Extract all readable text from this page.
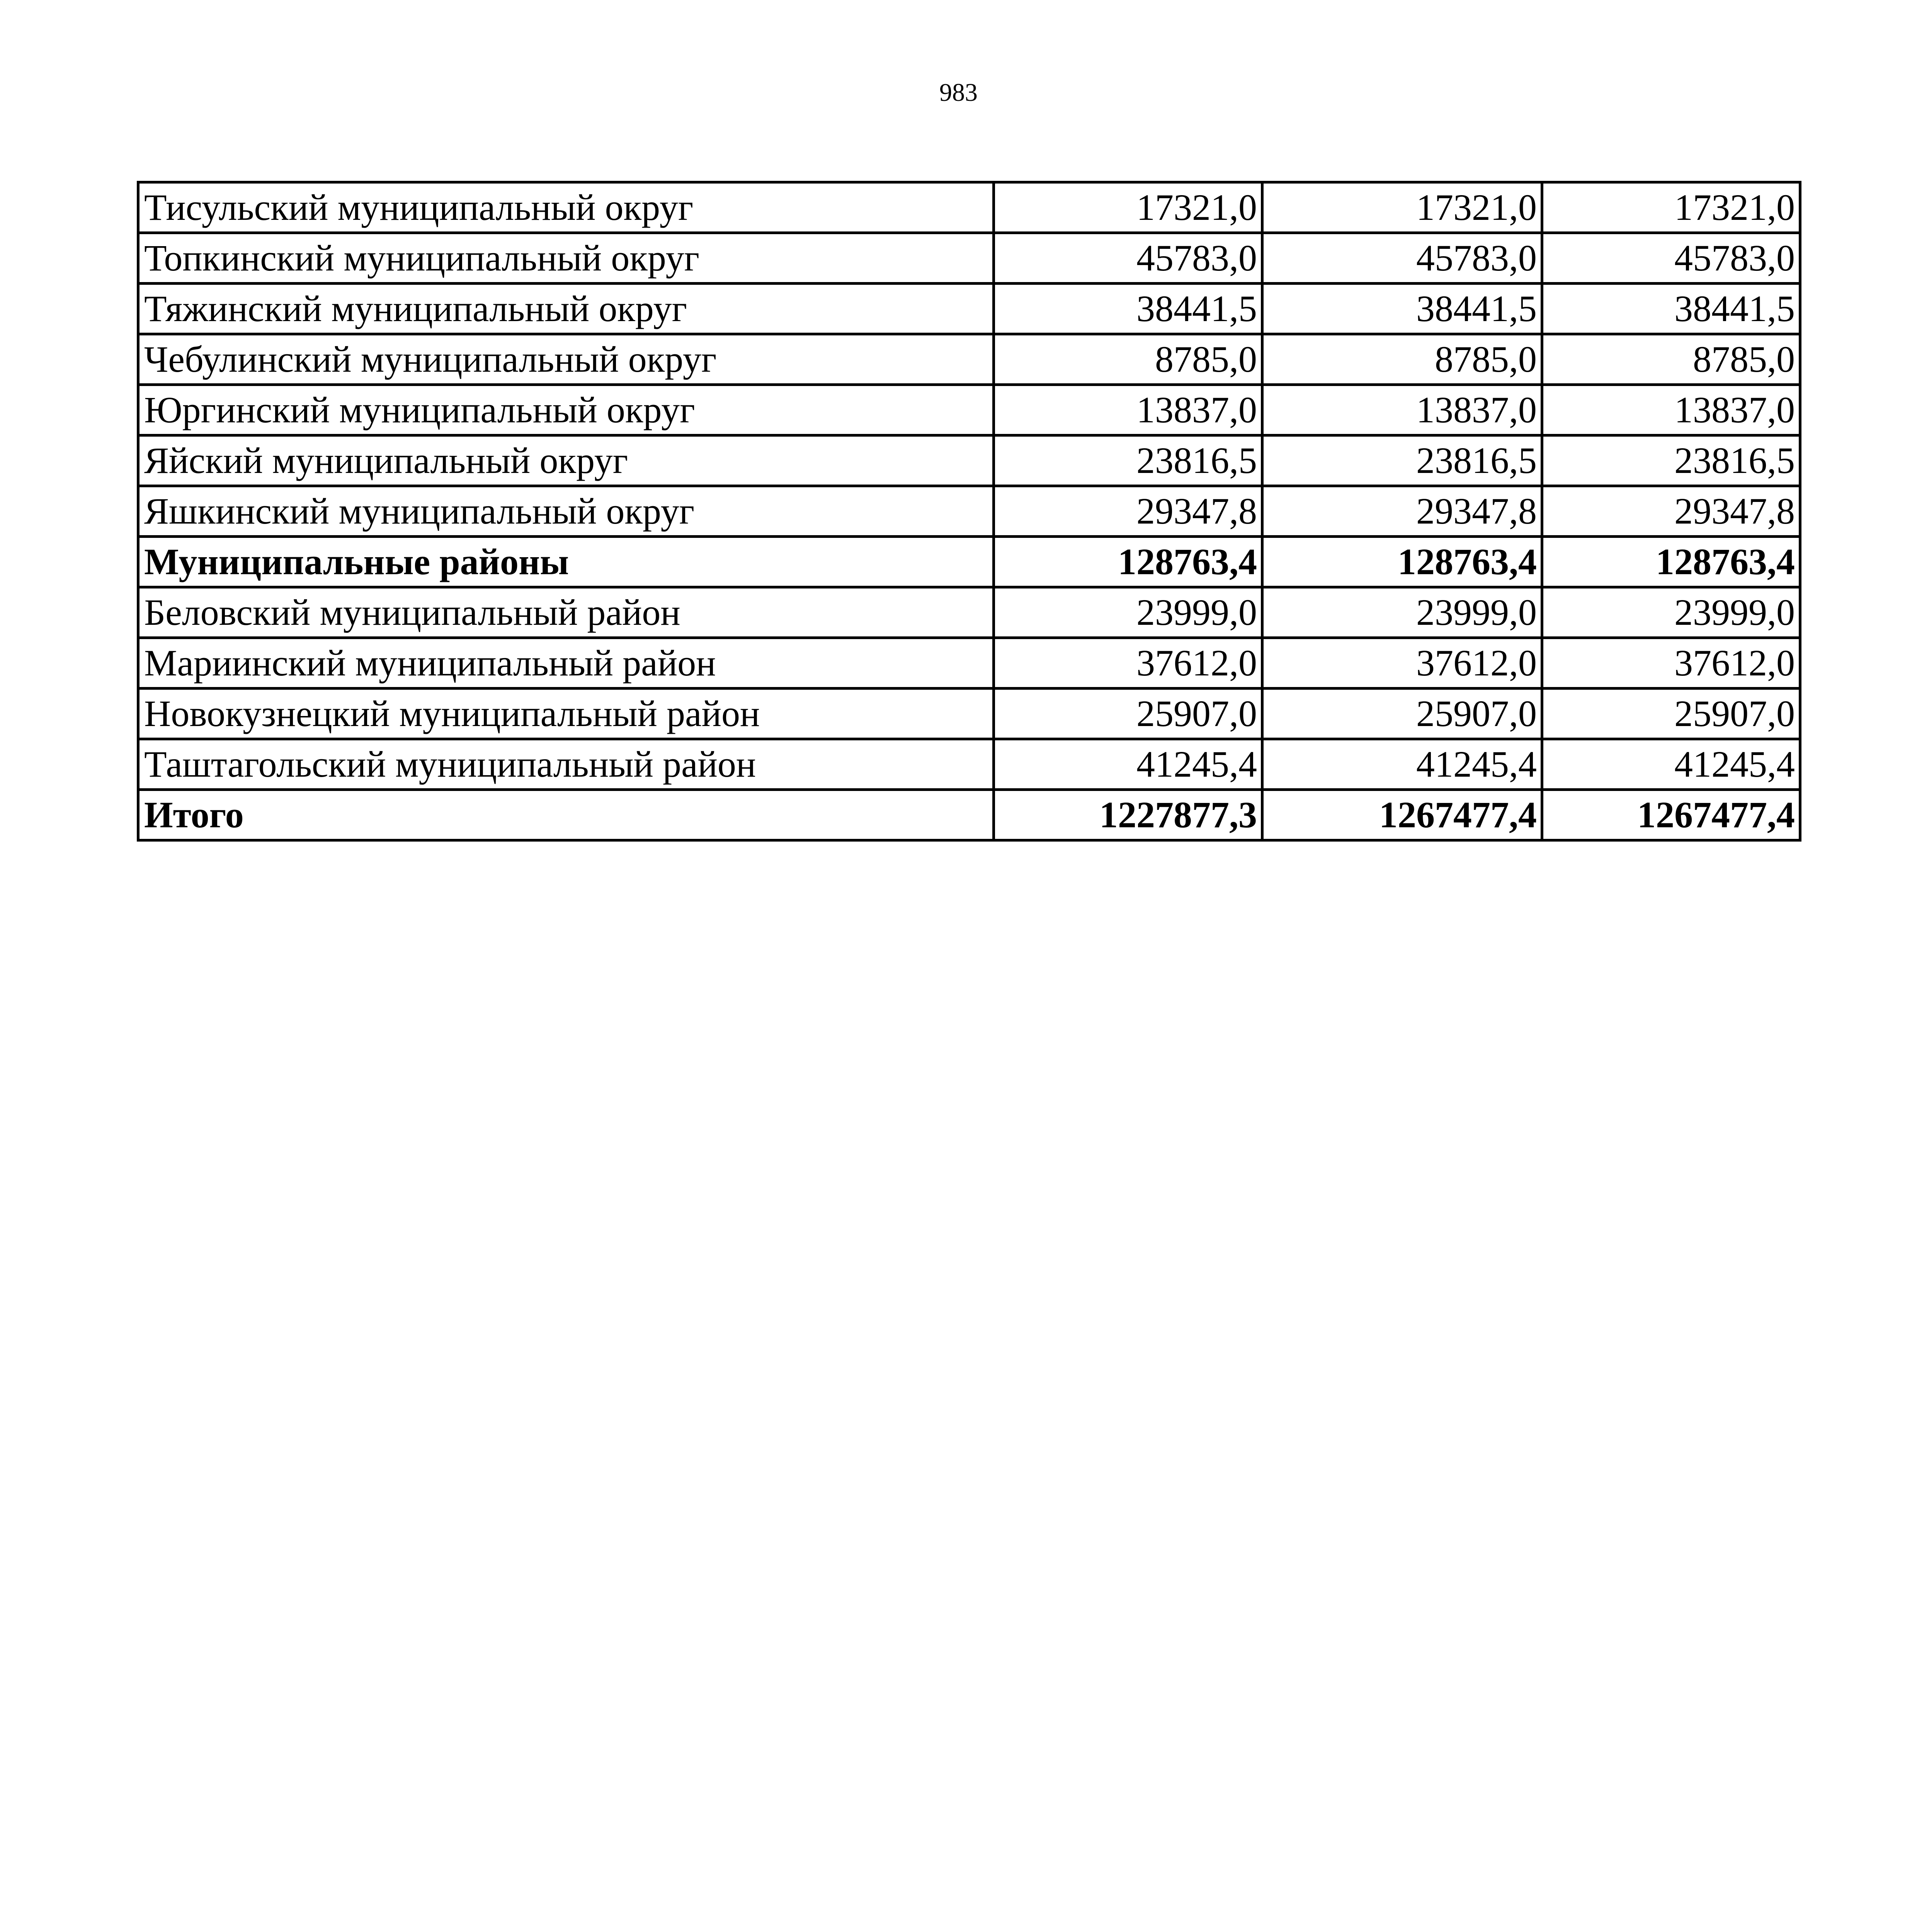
983
Тисульский муниципальный округ	17321,0	17321,0	17321,0
Топкинский муниципальный округ	45783,0	45783,0	45783,0
Тяжинский муниципальный округ	38441,5	38441,5	38441,5
Чебулинский муниципальный округ	8785,0	8785,0	8785,0
Юргинский муниципальный округ	13837,0	13837,0	13837,0
Яйский муниципальный округ	23816,5	23816,5	23816,5
Яшкинский муниципальный округ	29347,8	29347,8	29347,8
Муниципальные районы	128763,4	128763,4	128763,4
Беловский муниципальный район	23999,0	23999,0	23999,0
Мариинский муниципальный район	37612,0	37612,0	37612,0
Новокузнецкий муниципальный район	25907,0	25907,0	25907,0
Таштагольский муниципальный район	41245,4	41245,4	41245,4
Итого	1227877,3	1267477,4	1267477,4
